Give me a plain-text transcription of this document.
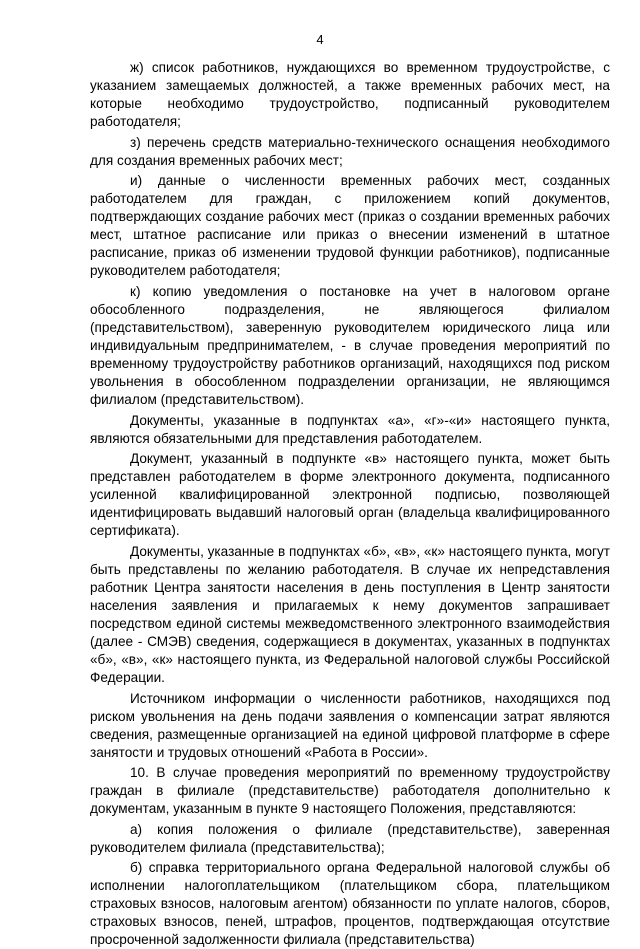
4

ж) список работников, нуждающихся во временном трудоустройстве, с указанием замещаемых должностей, а также временных рабочих мест, на которые необходимо трудоустройство, подписанный руководителем работодателя;

з) перечень средств материально-технического оснащения необходимого для создания временных рабочих мест;

и) данные о численности временных рабочих мест, созданных работодателем для граждан, с приложением копий документов, подтверждающих создание рабочих мест (приказ о создании временных рабочих мест, штатное расписание или приказ о внесении изменений в штатное расписание, приказ об изменении трудовой функции работников), подписанные руководителем работодателя;

к) копию уведомления о постановке на учет в налоговом органе обособленного подразделения, не являющегося филиалом (представительством), заверенную руководителем юридического лица или индивидуальным предпринимателем, - в случае проведения мероприятий по временному трудоустройству работников организаций, находящихся под риском увольнения в обособленном подразделении организации, не являющимся филиалом (представительством).

Документы, указанные в подпунктах «а», «г»-«и» настоящего пункта, являются обязательными для представления работодателем.

Документ, указанный в подпункте «в» настоящего пункта, может быть представлен работодателем в форме электронного документа, подписанного усиленной квалифицированной электронной подписью, позволяющей идентифицировать выдавший налоговый орган (владельца квалифицированного сертификата).

Документы, указанные в подпунктах «б», «в», «к» настоящего пункта, могут быть представлены по желанию работодателя. В случае их непредставления работник Центра занятости населения в день поступления в Центр занятости населения заявления и прилагаемых к нему документов запрашивает посредством единой системы межведомственного электронного взаимодействия (далее - СМЭВ) сведения, содержащиеся в документах, указанных в подпунктах «б», «в», «к» настоящего пункта, из Федеральной налоговой службы Российской Федерации.

Источником информации о численности работников, находящихся под риском увольнения на день подачи заявления о компенсации затрат являются сведения, размещенные организацией на единой цифровой платформе в сфере занятости и трудовых отношений «Работа в России».

10. В случае проведения мероприятий по временному трудоустройству граждан в филиале (представительстве) работодателя дополнительно к документам, указанным в пункте 9 настоящего Положения, представляются:

а) копия положения о филиале (представительстве), заверенная руководителем филиала (представительства);

б) справка территориального органа Федеральной налоговой службы об исполнении налогоплательщиком (плательщиком сбора, плательщиком страховых взносов, налоговым агентом) обязанности по уплате налогов, сборов, страховых взносов, пеней, штрафов, процентов, подтверждающая отсутствие просроченной задолженности филиала (представительства)
